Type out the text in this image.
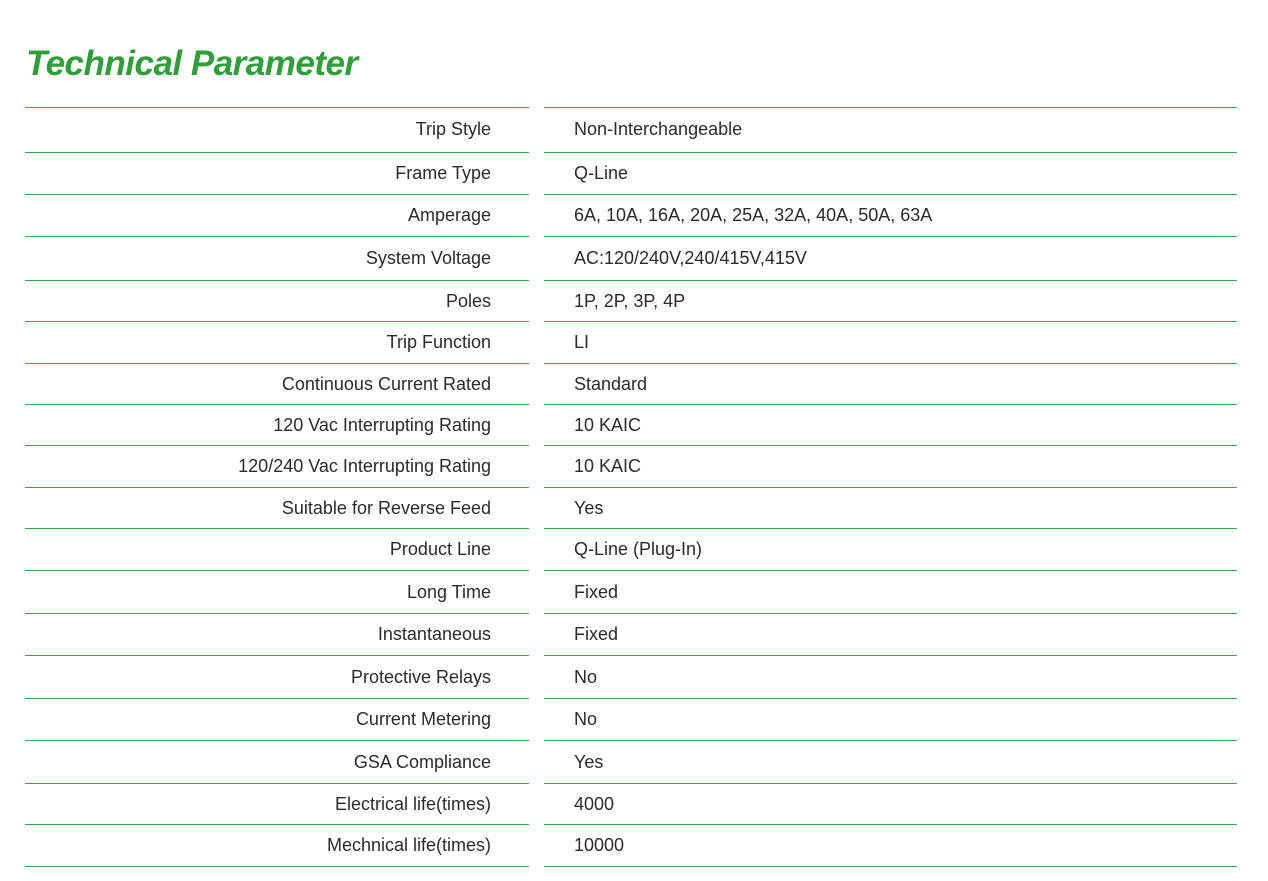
Technical Parameter
Trip Style	Non-Interchangeable
Frame Type	Q-Line
Amperage	6A, 10A, 16A, 20A, 25A, 32A, 40A, 50A, 63A
System Voltage	AC:120/240V,240/415V,415V
Poles	1P, 2P, 3P, 4P
Trip Function	LI
Continuous Current Rated	Standard
120 Vac Interrupting Rating	10 KAIC
120/240 Vac Interrupting Rating	10 KAIC
Suitable for Reverse Feed	Yes
Product Line	Q-Line (Plug-In)
Long Time	Fixed
Instantaneous	Fixed
Protective Relays	No
Current Metering	No
GSA Compliance	Yes
Electrical life(times)	4000
Mechnical life(times)	10000
